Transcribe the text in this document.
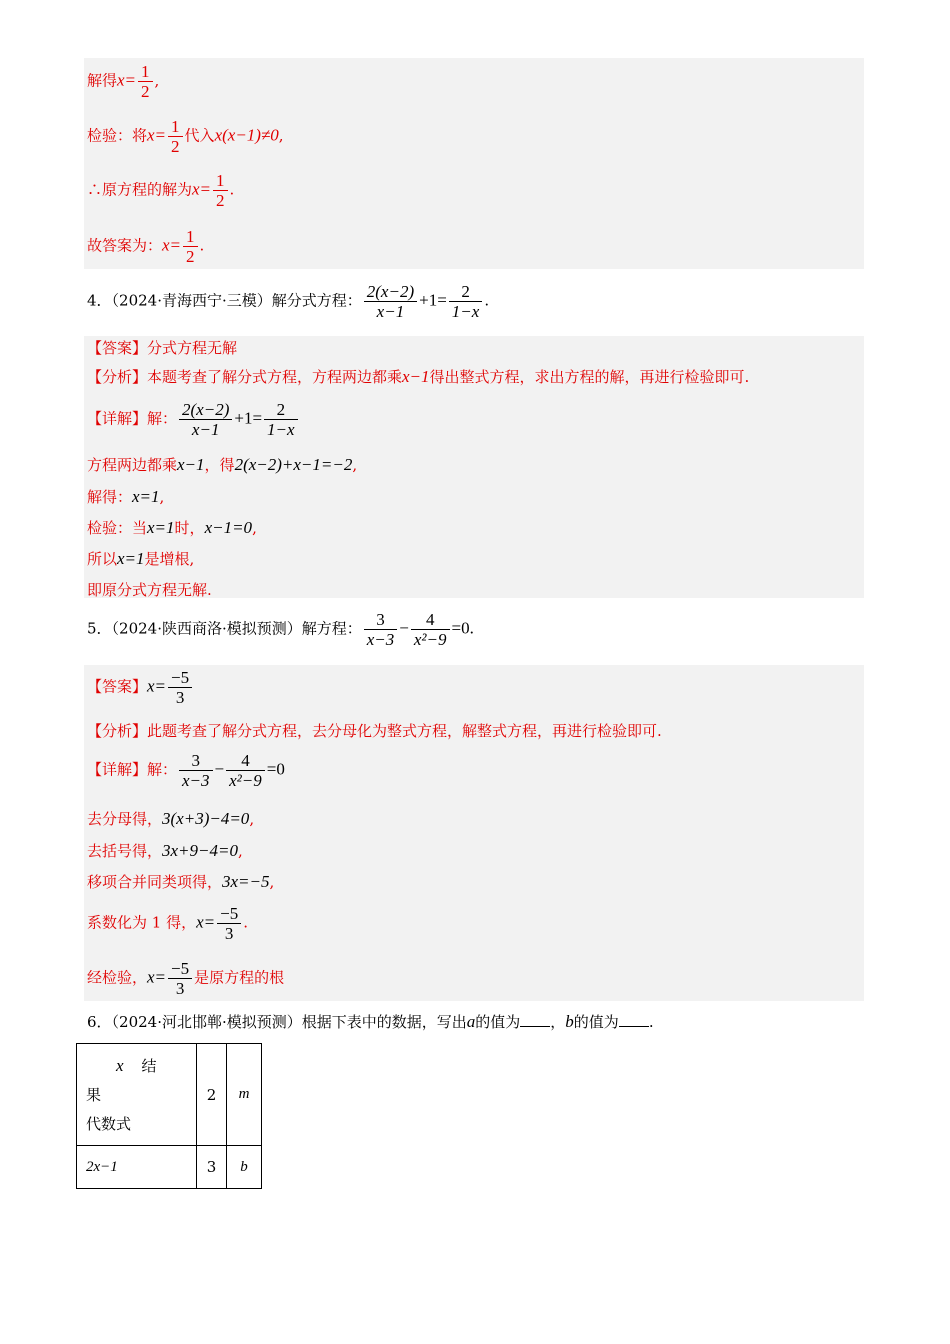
解得$x= \frac{1}{2}$ ,
检验：将$x= \frac{1}{2}$ 代入x(x−1)≠0,
∴原方程的解为$x= \frac{1}{2}$ .
故答案为：$x= \frac{1}{2}$ .
4．（2024·青海西宁·三模）解分式方程： $\frac{2(x-2)}{x-1} +1= \frac{2}{1-x}$ .
【答案】分式方程无解
【分析】本题考查了解分式方程，方程两边都乘x−1得出整式方程，求出方程的解，再进行检验即可.
【详解】解： $\frac{2(x-2)}{x-1} +1= \frac{2}{1-x}$
方程两边都乘x−1，得2(x−2)+x−1=−2,
解得：x=1,
检验：当x=1时，x−1=0,
所以x=1是增根,
即原分式方程无解.
5．（2024·陕西商洛·模拟预测）解方程： $\frac{3}{x-3} - \frac{4}{\text{x²−9}} =0$.
【答案】$x= \frac{-5}{3}$
【分析】此题考查了解分式方程，去分母化为整式方程，解整式方程，再进行检验即可.
【详解】解： $\frac{3}{x-3} - \frac{4}{\text{x²−9}} =0$
去分母得，3(x+3)−4=0,
去括号得，3x+9−4=0,
移项合并同类项得，3x=−5,
系数化为 1 得，$x= \frac{-5}{3}$ .
经检验，$x= \frac{-5}{3}$ 是原方程的根
6．（2024·河北邯郸·模拟预测）根据下表中的数据，写出a的值为 ，b的值为 .
x 结
果
代数式	2	m
2x−1	3	b
